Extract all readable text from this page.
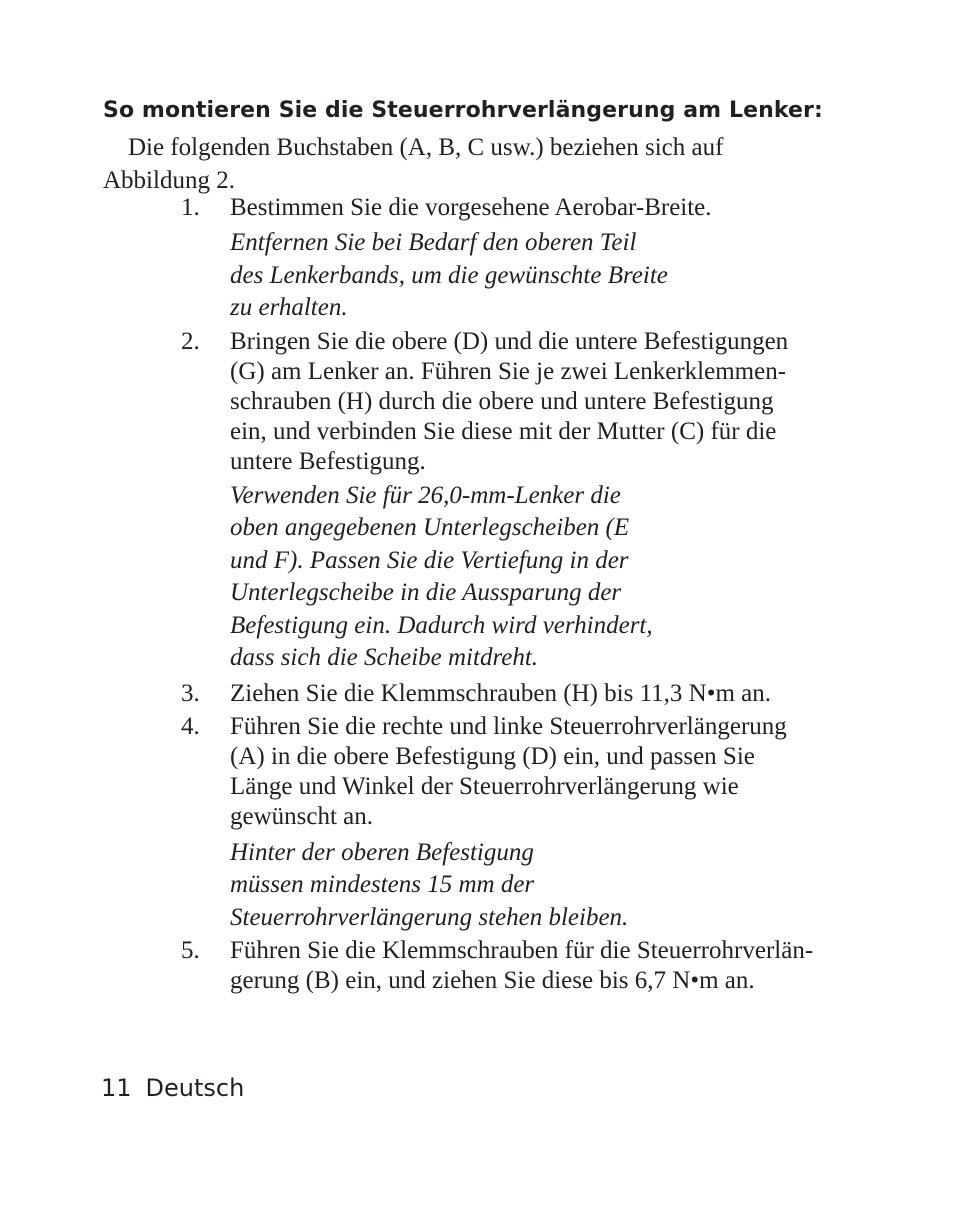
So montieren Sie die Steuerrohrverlängerung am Lenker:

Die folgenden Buchstaben (A, B, C usw.) beziehen sich auf
Abbildung 2.

1. Bestimmen Sie die vorgesehene Aerobar-Breite.
Entfernen Sie bei Bedarf den oberen Teil
des Lenkerbands, um die gewünschte Breite
zu erhalten.
2. Bringen Sie die obere (D) und die untere Befestigungen
(G) am Lenker an. Führen Sie je zwei Lenkerklemmen-
schrauben (H) durch die obere und untere Befestigung
ein, und verbinden Sie diese mit der Mutter (C) für die
untere Befestigung.
Verwenden Sie für 26,0-mm-Lenker die
oben angegebenen Unterlegscheiben (E
und F). Passen Sie die Vertiefung in der
Unterlegscheibe in die Aussparung der
Befestigung ein. Dadurch wird verhindert,
dass sich die Scheibe mitdreht.
3. Ziehen Sie die Klemmschrauben (H) bis 11,3 N•m an.
4. Führen Sie die rechte und linke Steuerrohrverlängerung
(A) in die obere Befestigung (D) ein, und passen Sie
Länge und Winkel der Steuerrohrverlängerung wie
gewünscht an.
Hinter der oberen Befestigung
müssen mindestens 15 mm der
Steuerrohrverlängerung stehen bleiben.
5. Führen Sie die Klemmschrauben für die Steuerrohrverlän-
gerung (B) ein, und ziehen Sie diese bis 6,7 N•m an.
11 Deutsch
